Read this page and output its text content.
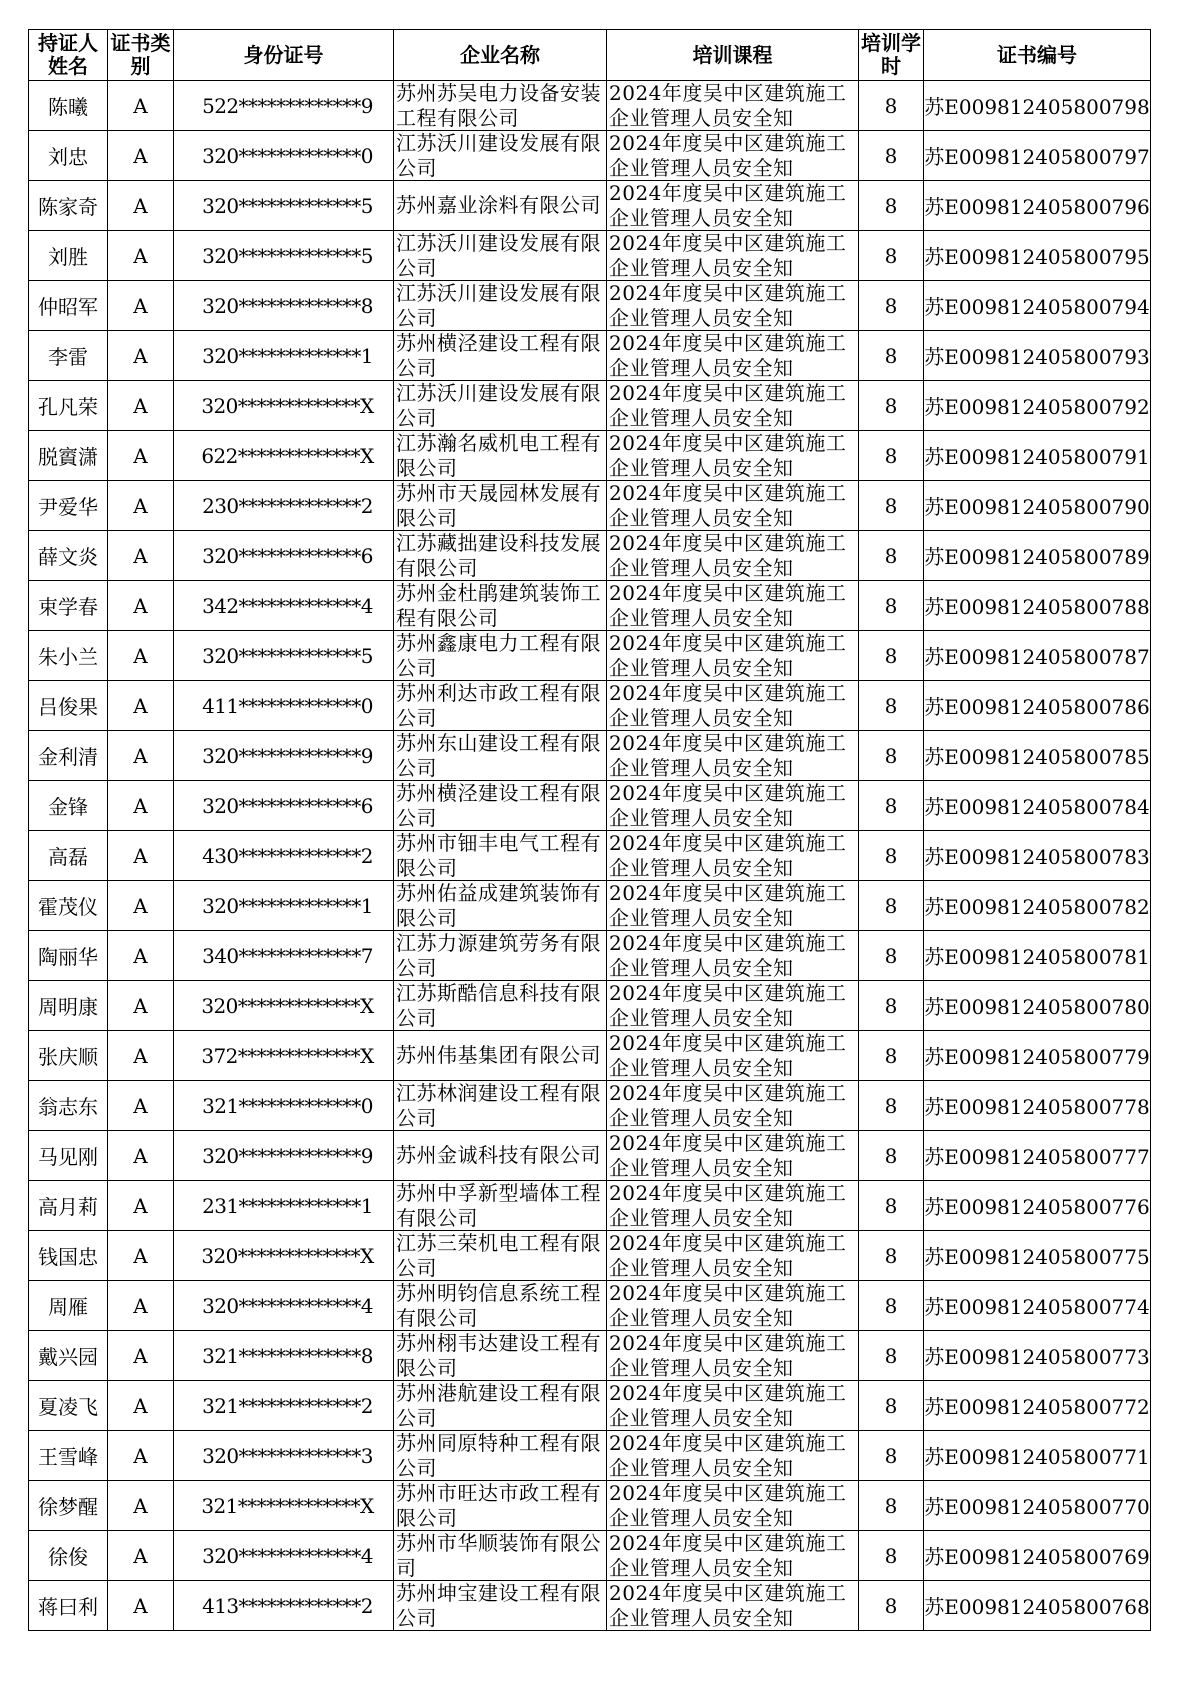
持证人姓名	证书类别	身份证号	企业名称	培训课程	培训学时	证书编号
陈曦	A	522*************9	苏州苏吴电力设备安装工程有限公司	2024年度吴中区建筑施工企业管理人员安全知	8	苏E009812405800798
刘忠	A	320*************0	江苏沃川建设发展有限公司	2024年度吴中区建筑施工企业管理人员安全知	8	苏E009812405800797
陈家奇	A	320*************5	苏州嘉业涂料有限公司	2024年度吴中区建筑施工企业管理人员安全知	8	苏E009812405800796
刘胜	A	320*************5	江苏沃川建设发展有限公司	2024年度吴中区建筑施工企业管理人员安全知	8	苏E009812405800795
仲昭军	A	320*************8	江苏沃川建设发展有限公司	2024年度吴中区建筑施工企业管理人员安全知	8	苏E009812405800794
李雷	A	320*************1	苏州横泾建设工程有限公司	2024年度吴中区建筑施工企业管理人员安全知	8	苏E009812405800793
孔凡荣	A	320*************X	江苏沃川建设发展有限公司	2024年度吴中区建筑施工企业管理人员安全知	8	苏E009812405800792
脱賨潇	A	622*************X	江苏瀚名威机电工程有限公司	2024年度吴中区建筑施工企业管理人员安全知	8	苏E009812405800791
尹爱华	A	230*************2	苏州市天晟园林发展有限公司	2024年度吴中区建筑施工企业管理人员安全知	8	苏E009812405800790
薛文炎	A	320*************6	江苏藏拙建设科技发展有限公司	2024年度吴中区建筑施工企业管理人员安全知	8	苏E009812405800789
束学春	A	342*************4	苏州金杜鹃建筑装饰工程有限公司	2024年度吴中区建筑施工企业管理人员安全知	8	苏E009812405800788
朱小兰	A	320*************5	苏州鑫康电力工程有限公司	2024年度吴中区建筑施工企业管理人员安全知	8	苏E009812405800787
吕俊果	A	411*************0	苏州利达市政工程有限公司	2024年度吴中区建筑施工企业管理人员安全知	8	苏E009812405800786
金利清	A	320*************9	苏州东山建设工程有限公司	2024年度吴中区建筑施工企业管理人员安全知	8	苏E009812405800785
金锋	A	320*************6	苏州横泾建设工程有限公司	2024年度吴中区建筑施工企业管理人员安全知	8	苏E009812405800784
高磊	A	430*************2	苏州市钿丰电气工程有限公司	2024年度吴中区建筑施工企业管理人员安全知	8	苏E009812405800783
霍茂仪	A	320*************1	苏州佑益成建筑装饰有限公司	2024年度吴中区建筑施工企业管理人员安全知	8	苏E009812405800782
陶丽华	A	340*************7	江苏力源建筑劳务有限公司	2024年度吴中区建筑施工企业管理人员安全知	8	苏E009812405800781
周明康	A	320*************X	江苏斯酷信息科技有限公司	2024年度吴中区建筑施工企业管理人员安全知	8	苏E009812405800780
张庆顺	A	372*************X	苏州伟基集团有限公司	2024年度吴中区建筑施工企业管理人员安全知	8	苏E009812405800779
翁志东	A	321*************0	江苏林润建设工程有限公司	2024年度吴中区建筑施工企业管理人员安全知	8	苏E009812405800778
马见刚	A	320*************9	苏州金诚科技有限公司	2024年度吴中区建筑施工企业管理人员安全知	8	苏E009812405800777
高月莉	A	231*************1	苏州中孚新型墙体工程有限公司	2024年度吴中区建筑施工企业管理人员安全知	8	苏E009812405800776
钱国忠	A	320*************X	江苏三荣机电工程有限公司	2024年度吴中区建筑施工企业管理人员安全知	8	苏E009812405800775
周雁	A	320*************4	苏州明钧信息系统工程有限公司	2024年度吴中区建筑施工企业管理人员安全知	8	苏E009812405800774
戴兴园	A	321*************8	苏州栩韦达建设工程有限公司	2024年度吴中区建筑施工企业管理人员安全知	8	苏E009812405800773
夏凌飞	A	321*************2	苏州港航建设工程有限公司	2024年度吴中区建筑施工企业管理人员安全知	8	苏E009812405800772
王雪峰	A	320*************3	苏州同原特种工程有限公司	2024年度吴中区建筑施工企业管理人员安全知	8	苏E009812405800771
徐梦醒	A	321*************X	苏州市旺达市政工程有限公司	2024年度吴中区建筑施工企业管理人员安全知	8	苏E009812405800770
徐俊	A	320*************4	苏州市华顺装饰有限公司	2024年度吴中区建筑施工企业管理人员安全知	8	苏E009812405800769
蒋曰利	A	413*************2	苏州坤宝建设工程有限公司	2024年度吴中区建筑施工企业管理人员安全知	8	苏E009812405800768
